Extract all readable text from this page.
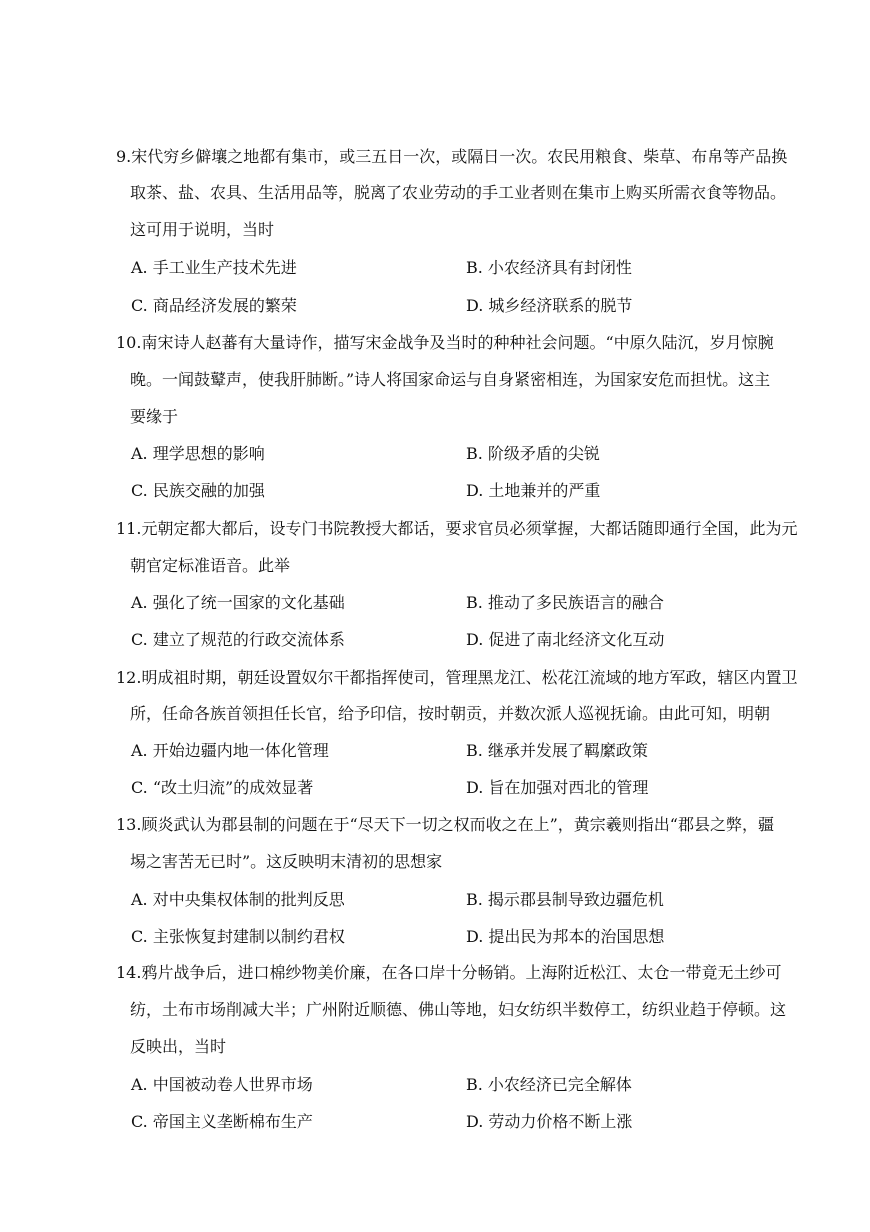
9.宋代穷乡僻壤之地都有集市，或三五日一次，或隔日一次。农民用粮食、柴草、布帛等产品换
取茶、盐、农具、生活用品等，脱离了农业劳动的手工业者则在集市上购买所需衣食等物品。
这可用于说明，当时
A. 手工业生产技术先进	B. 小农经济具有封闭性
C. 商品经济发展的繁荣	D. 城乡经济联系的脱节
10.南宋诗人赵蕃有大量诗作，描写宋金战争及当时的种种社会问题。“中原久陆沉，岁月惊腕
晚。一闻鼓鼙声，使我肝肺断。”诗人将国家命运与自身紧密相连，为国家安危而担忧。这主
要缘于
A. 理学思想的影响	B. 阶级矛盾的尖锐
C. 民族交融的加强	D. 土地兼并的严重
11.元朝定都大都后，设专门书院教授大都话，要求官员必须掌握，大都话随即通行全国，此为元
朝官定标准语音。此举
A. 强化了统一国家的文化基础	B. 推动了多民族语言的融合
C. 建立了规范的行政交流体系	D. 促进了南北经济文化互动
12.明成祖时期，朝廷设置奴尔干都指挥使司，管理黑龙江、松花江流域的地方军政，辖区内置卫
所，任命各族首领担任长官，给予印信，按时朝贡，并数次派人巡视抚谕。由此可知，明朝
A. 开始边疆内地一体化管理	B. 继承并发展了羁縻政策
C. “改土归流”的成效显著	D. 旨在加强对西北的管理
13.顾炎武认为郡县制的问题在于“尽天下一切之权而收之在上”，黄宗羲则指出“郡县之弊，疆
埸之害苦无已时”。这反映明末清初的思想家
A. 对中央集权体制的批判反思	B. 揭示郡县制导致边疆危机
C. 主张恢复封建制以制约君权	D. 提出民为邦本的治国思想
14.鸦片战争后，进口棉纱物美价廉，在各口岸十分畅销。上海附近松江、太仓一带竟无土纱可
纺，土布市场削减大半；广州附近顺德、佛山等地，妇女纺织半数停工，纺织业趋于停顿。这
反映出，当时
A. 中国被动卷人世界市场	B. 小农经济已完全解体
C. 帝国主义垄断棉布生产	D. 劳动力价格不断上涨
